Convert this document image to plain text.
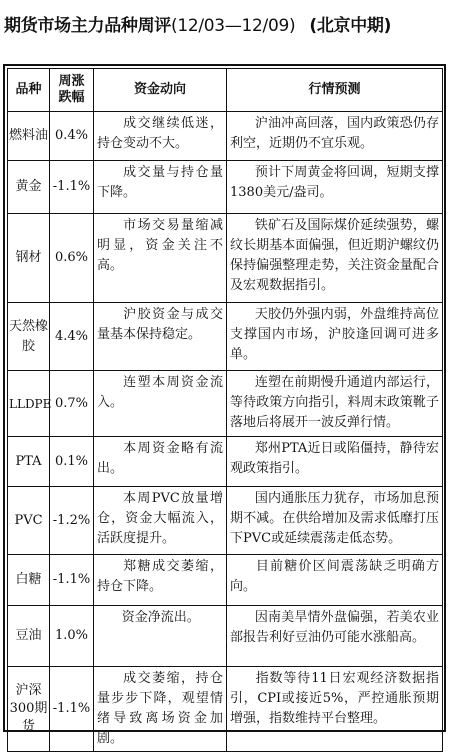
期货市场主力品种周评(12/03—12/09) (北京中期)
品种	周涨跌幅	资金动向	行情预测
燃料油	0.4%	成交继续低迷，持仓变动不大。	沪油冲高回落，国内政策恐仍存利空，近期仍不宜乐观。
黄金	-1.1%	成交量与持仓量下降。	预计下周黄金将回调，短期支撑1380美元/盎司。
钢材	0.6%	市场交易量缩减明显，资金关注不高。	铁矿石及国际煤价延续强势，螺纹长期基本面偏强，但近期沪螺纹仍保持偏强整理走势，关注资金量配合及宏观数据指引。
天然橡胶	4.4%	沪胶资金与成交量基本保持稳定。	天胶仍外强内弱，外盘维持高位支撑国内市场，沪胶逢回调可进多单。
LLDPE	0.7%	连塑本周资金流入。	连塑在前期慢升通道内部运行，等待政策方向指引，料周末政策靴子落地后将展开一波反弹行情。
PTA	0.1%	本周资金略有流出。	郑州PTA近日或陷僵持，静待宏观政策指引。
PVC	-1.2%	本周PVC放量增仓，资金大幅流入，活跃度提升。	国内通胀压力犹存，市场加息预期不减。在供给增加及需求低靡打压下PVC或延续震荡走低态势。
白糖	-1.1%	郑糖成交萎缩，持仓下降。	目前糖价区间震荡缺乏明确方向。
豆油	1.0%	资金净流出。	因南美旱情外盘偏强，若美农业部报告利好豆油仍可能水涨船高。
沪深300期货	-1.1%	成交萎缩，持仓量步步下降，观望情绪导致离场资金加剧。	指数等待11日宏观经济数据指引，CPI或接近5%，严控通胀预期增强，指数维持平台整理。
